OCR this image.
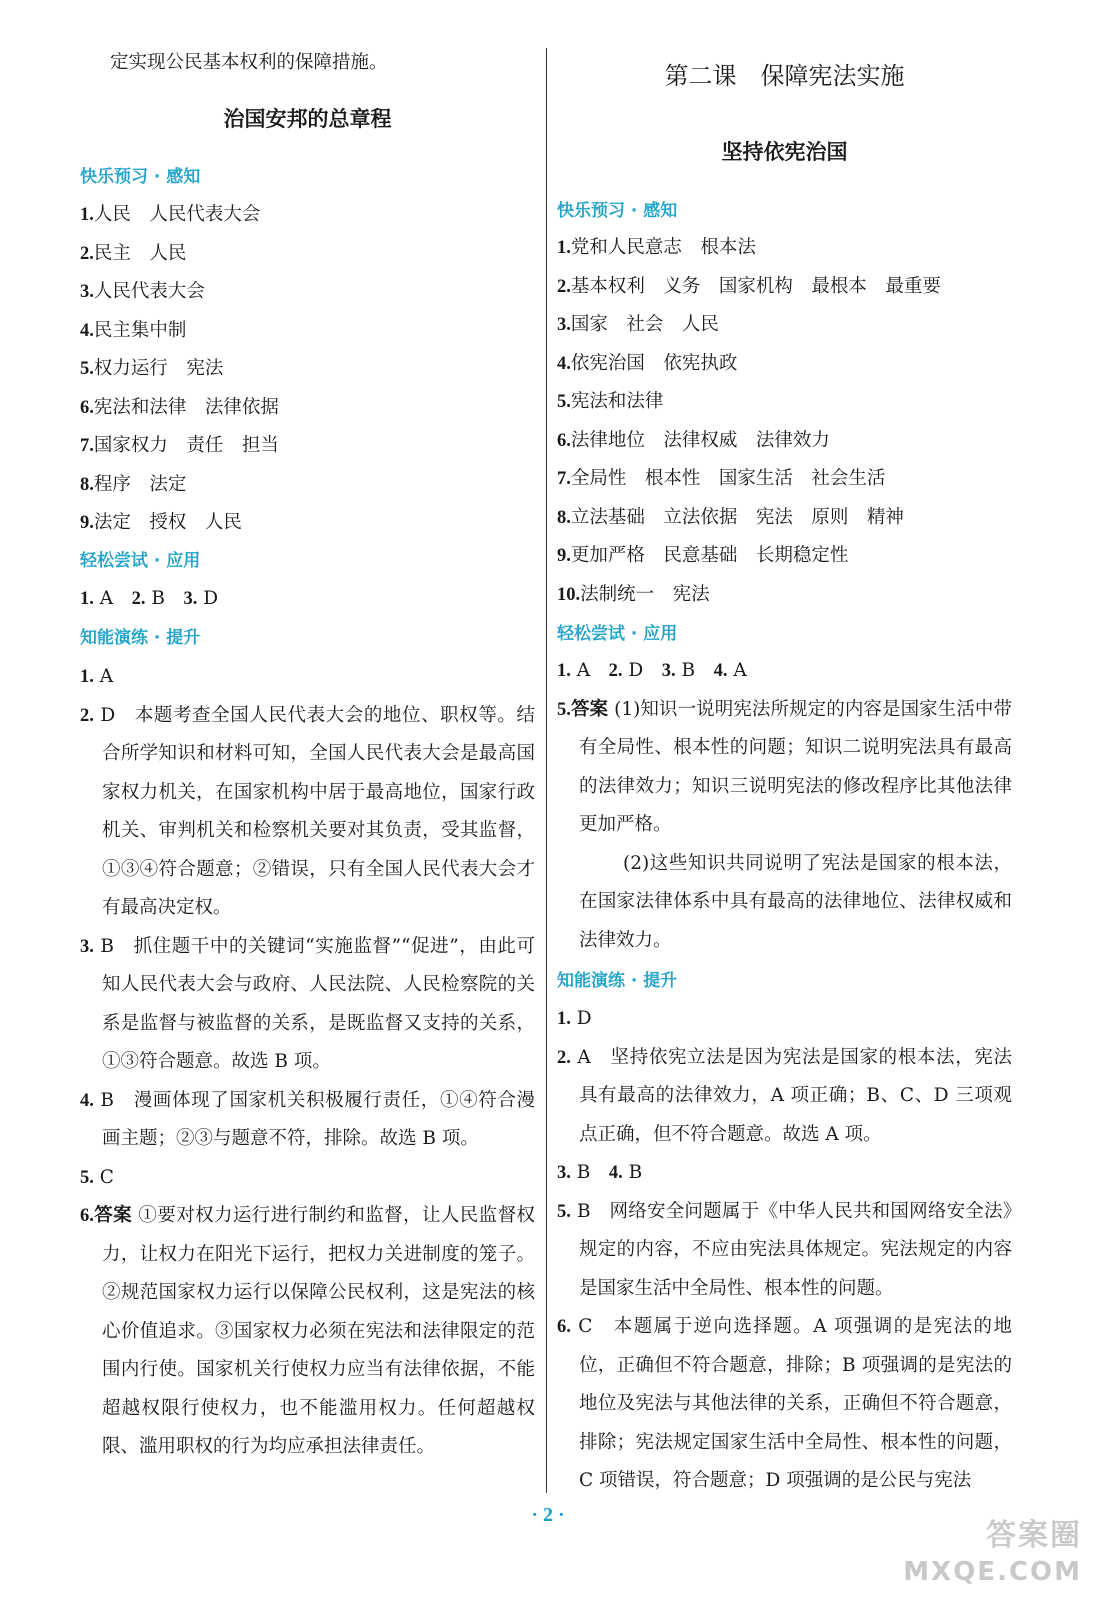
定实现公民基本权利的保障措施。
治国安邦的总章程
快乐预习 · 感知
1.人民　人民代表大会
2.民主　人民
3.人民代表大会
4.民主集中制
5.权力运行　宪法
6.宪法和法律　法律依据
7.国家权力　责任　担当
8.程序　法定
9.法定　授权　人民
轻松尝试 · 应用
1. A　2. B　3. D
知能演练 · 提升
1. A
2. D　本题考查全国人民代表大会的地位、职权等。结合所学知识和材料可知，全国人民代表大会是最高国家权力机关，在国家机构中居于最高地位，国家行政机关、审判机关和检察机关要对其负责，受其监督，①③④符合题意；②错误，只有全国人民代表大会才有最高决定权。
3. B　抓住题干中的关键词“实施监督”“促进”，由此可知人民代表大会与政府、人民法院、人民检察院的关系是监督与被监督的关系，是既监督又支持的关系，①③符合题意。故选 B 项。
4. B　漫画体现了国家机关积极履行责任，①④符合漫画主题；②③与题意不符，排除。故选 B 项。
5. C
6.答案 ①要对权力运行进行制约和监督，让人民监督权力，让权力在阳光下运行，把权力关进制度的笼子。②规范国家权力运行以保障公民权利，这是宪法的核心价值追求。③国家权力必须在宪法和法律限定的范围内行使。国家机关行使权力应当有法律依据，不能超越权限行使权力，也不能滥用权力。任何超越权限、滥用职权的行为均应承担法律责任。
第二课　保障宪法实施
坚持依宪治国
快乐预习 · 感知
1.党和人民意志　根本法
2.基本权利　义务　国家机构　最根本　最重要
3.国家　社会　人民
4.依宪治国　依宪执政
5.宪法和法律
6.法律地位　法律权威　法律效力
7.全局性　根本性　国家生活　社会生活
8.立法基础　立法依据　宪法　原则　精神
9.更加严格　民意基础　长期稳定性
10.法制统一　宪法
轻松尝试 · 应用
1. A　2. D　3. B　4. A
5.答案 (1)知识一说明宪法所规定的内容是国家生活中带有全局性、根本性的问题；知识二说明宪法具有最高的法律效力；知识三说明宪法的修改程序比其他法律更加严格。
(2)这些知识共同说明了宪法是国家的根本法，在国家法律体系中具有最高的法律地位、法律权威和法律效力。
知能演练 · 提升
1. D
2. A　坚持依宪立法是因为宪法是国家的根本法，宪法具有最高的法律效力，A 项正确；B、C、D 三项观点正确，但不符合题意。故选 A 项。
3. B　4. B
5. B　网络安全问题属于《中华人民共和国网络安全法》规定的内容，不应由宪法具体规定。宪法规定的内容是国家生活中全局性、根本性的问题。
6. C　本题属于逆向选择题。A 项强调的是宪法的地位，正确但不符合题意，排除；B 项强调的是宪法的地位及宪法与其他法律的关系，正确但不符合题意，排除；宪法规定国家生活中全局性、根本性的问题，C 项错误，符合题意；D 项强调的是公民与宪法
· 2 ·
答案圈
MXQE.COM
